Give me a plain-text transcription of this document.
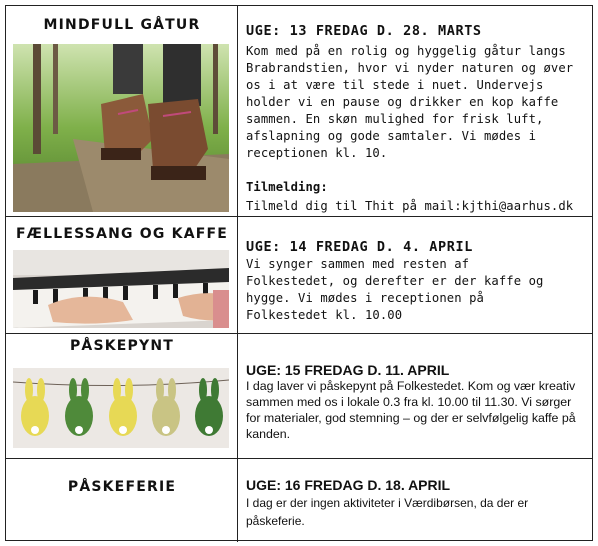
MINDFULL GÅTUR	UGE: 13 FREDAG D. 28. MARTS
Kom med på en rolig og hyggelig gåtur langs Brabrandstien, hvor vi nyder naturen og øver os i at være til stede i nuet. Undervejs holder vi en pause og drikker en kop kaffe sammen. En skøn mulighed for frisk luft, afslapning og gode samtaler. Vi mødes i receptionen kl. 10.
Tilmelding:
Tilmeld dig til Thit på mail:kjthi@aarhus.dk
FÆLLESSANG OG KAFFE
UGE: 14 FREDAG D. 4. APRIL
Vi synger sammen med resten af Folkestedet, og derefter er der kaffe og hygge. Vi mødes i receptionen på Folkestedet kl. 10.00
PÅSKEPYNT
UGE: 15 FREDAG D. 11. APRIL
I dag laver vi påskepynt på Folkestedet. Kom og vær kreativ sammen med os i lokale 0.3 fra kl. 10.00 til 11.30. Vi sørger for materialer, god stemning – og der er selvfølgelig kaffe på kanden.
PÅSKEFERIE	UGE: 16 FREDAG D. 18. APRIL
I dag er der ingen aktiviteter i Værdibørsen, da der er påskeferie.
